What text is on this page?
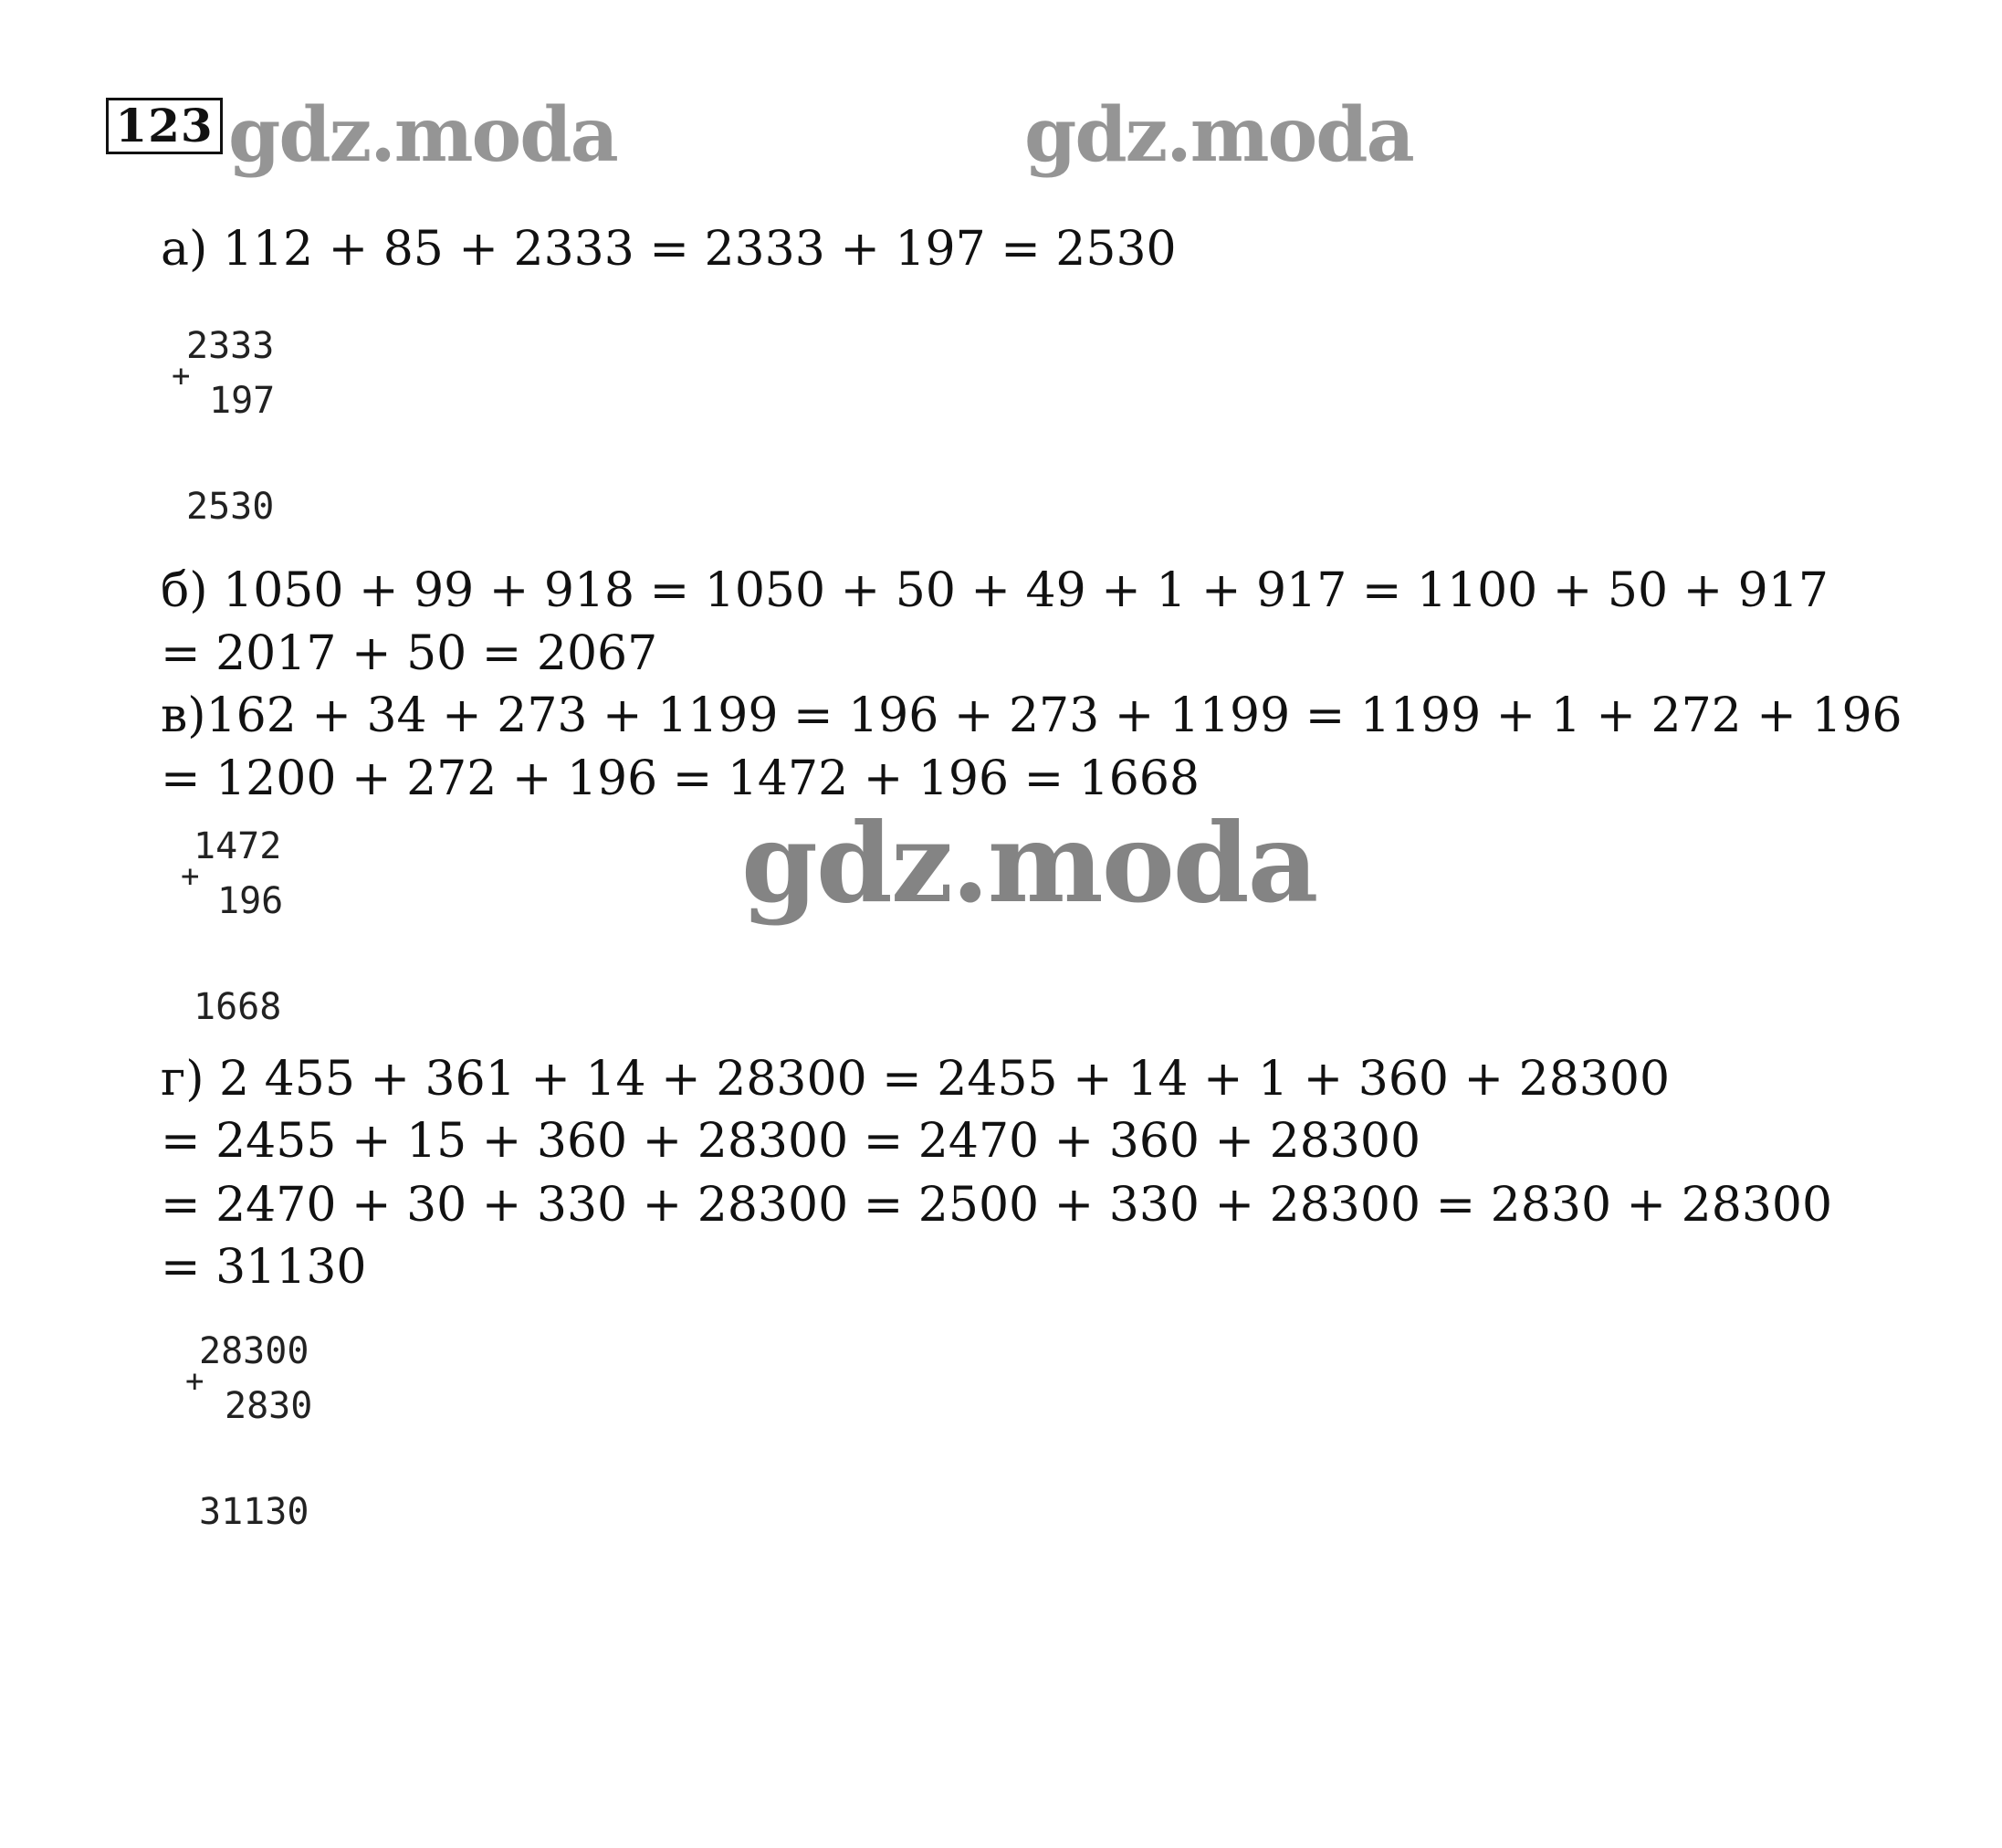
123 gdz.moda	gdz.moda
а) 112 + 85 + 2333 = 2333 + 197 = 2530
2333
+
197
2530
б) 1050 + 99 + 918 = 1050 + 50 + 49 + 1 + 917 = 1100 + 50 + 917
= 2017 + 50 = 2067
в)162 + 34 + 273 + 1199 = 196 + 273 + 1199 = 1199 + 1 + 272 + 196
= 1200 + 272 + 196 = 1472 + 196 = 1668
1472
+
196
1668
gdz.moda
г) 2 455 + 361 + 14 + 28300 = 2455 + 14 + 1 + 360 + 28300
= 2455 + 15 + 360 + 28300 = 2470 + 360 + 28300
= 2470 + 30 + 330 + 28300 = 2500 + 330 + 28300 = 2830 + 28300
= 31130
28300
+
2830
31130
